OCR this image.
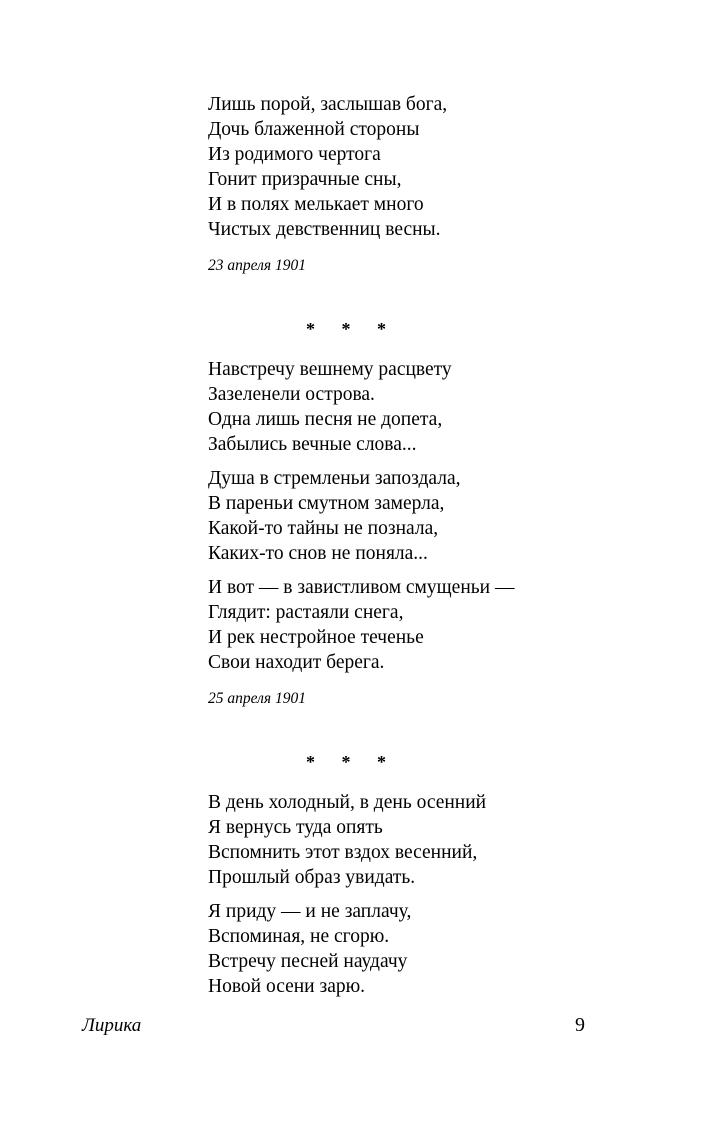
Лишь порой, заслышав бога,
Дочь блаженной стороны
Из родимого чертога
Гонит призрачные сны,
И в полях мелькает много
Чистых девственниц весны.
23 апреля 1901
* * *
Навстречу вешнему расцвету
Зазеленели острова.
Одна лишь песня не допета,
Забылись вечные слова...
Душа в стремленьи запоздала,
В пареньи смутном замерла,
Какой-то тайны не познала,
Каких-то снов не поняла...
И вот — в завистливом смущеньи —
Глядит: растаяли снега,
И рек нестройное теченье
Свои находит берега.
25 апреля 1901
* * *
В день холодный, в день осенний
Я вернусь туда опять
Вспомнить этот вздох весенний,
Прошлый образ увидать.
Я приду — и не заплачу,
Вспоминая, не сгорю.
Встречу песней наудачу
Новой осени зарю.
Лирика	9
